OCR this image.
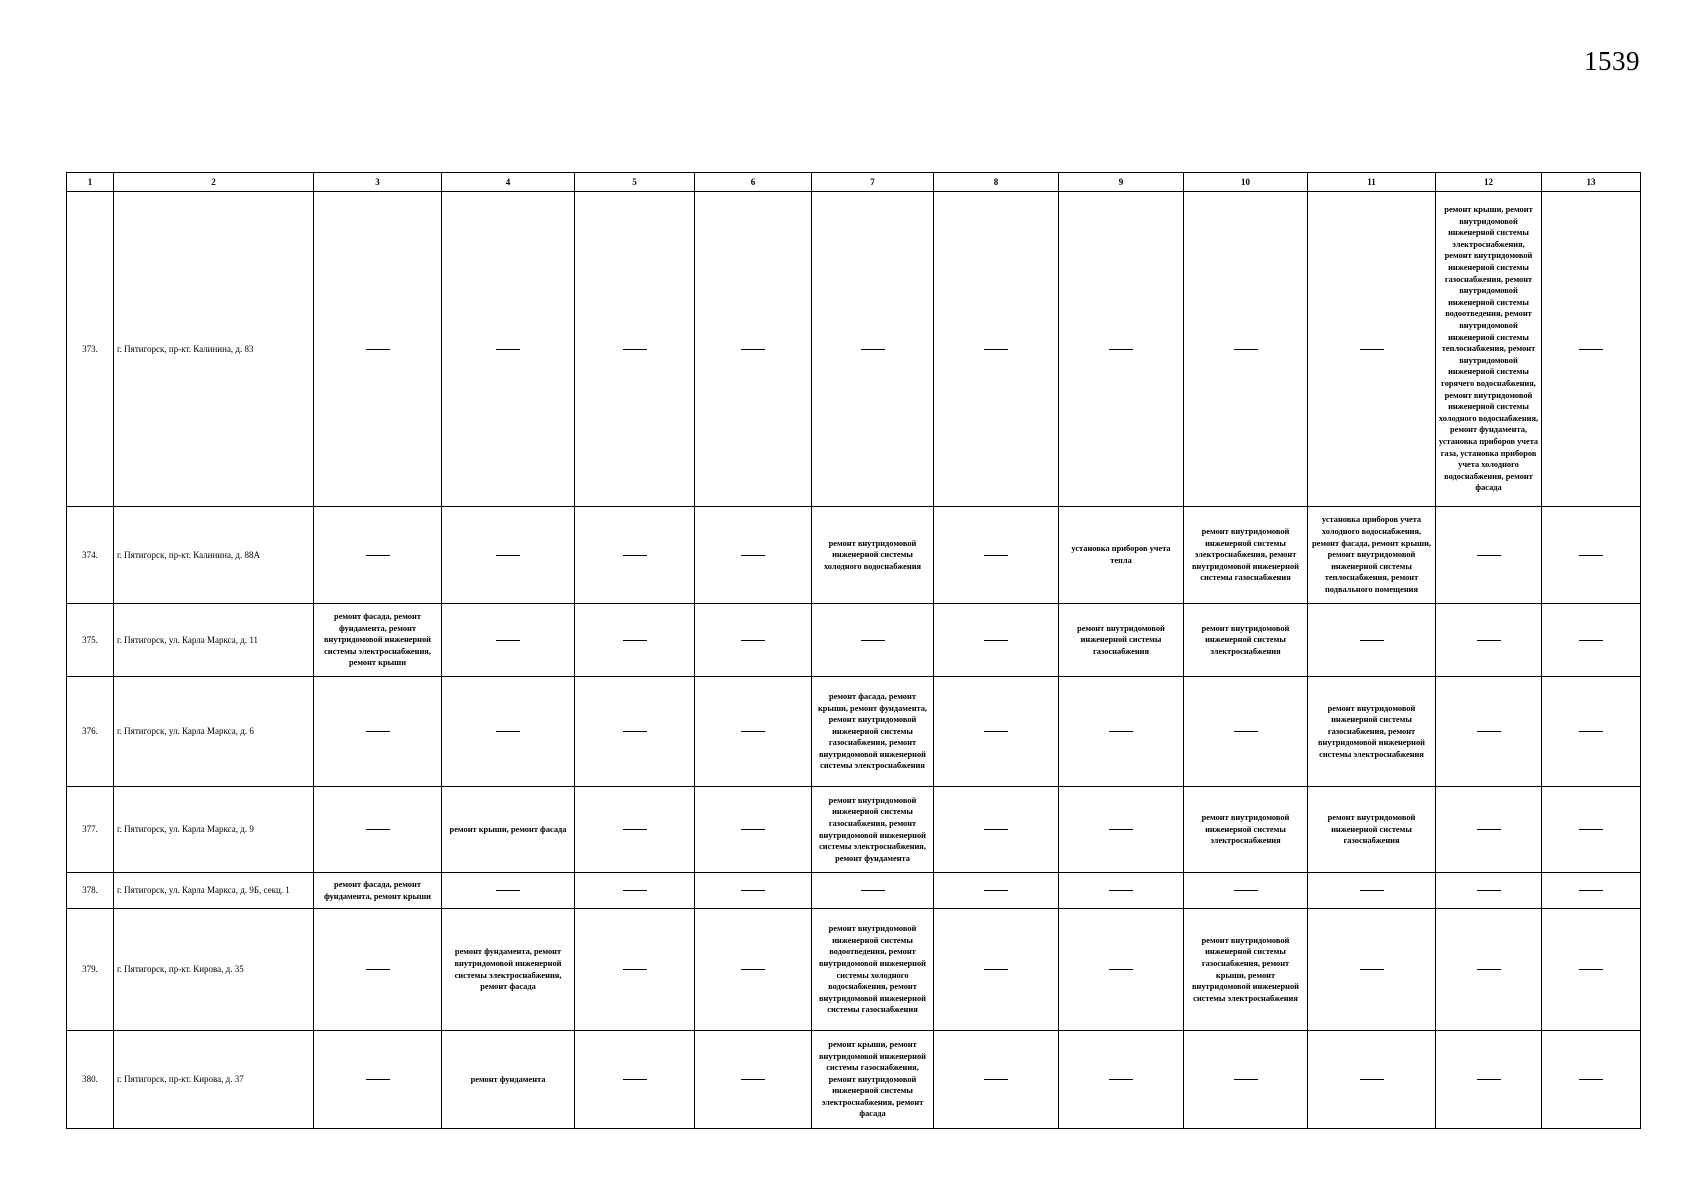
1539
1	2	3	4	5	6	7	8	9	10	11	12	13
373.	г. Пятигорск, пр-кт. Калинина, д. 83										ремонт крыши, ремонт внутридомовой инженерной системы электроснабжения, ремонт внутридомовой инженерной системы газоснабжения, ремонт внутридомовой инженерной системы водоотведения, ремонт внутридомовой инженерной системы теплоснабжения, ремонт внутридомовой инженерной системы горячего водоснабжения, ремонт внутридомовой инженерной системы холодного водоснабжения, ремонт фундамента, установка приборов учета газа, установка приборов учета холодного водоснабжения, ремонт фасада	

374.	г. Пятигорск, пр-кт. Калинина, д. 88А					ремонт внутридомовой инженерной системы холодного водоснабжения		установка приборов учета тепла	ремонт внутридомовой инженерной системы электроснабжения, ремонт внутридомовой инженерной системы газоснабжения	установка приборов учета холодного водоснабжения, ремонт фасада, ремонт крыши, ремонт внутридомовой инженерной системы теплоснабжения, ремонт подвального помещения		

375.	г. Пятигорск, ул. Карла Маркса, д. 11	ремонт фасада, ремонт фундамента, ремонт внутридомовой инженерной системы электроснабжения, ремонт крыши						ремонт внутридомовой инженерной системы газоснабжения	ремонт внутридомовой инженерной системы электроснабжения			

376.	г. Пятигорск, ул. Карла Маркса, д. 6					ремонт фасада, ремонт крыши, ремонт фундамента, ремонт внутридомовой инженерной системы газоснабжения, ремонт внутридомовой инженерной системы электроснабжения				ремонт внутридомовой инженерной системы газоснабжения, ремонт внутридомовой инженерной системы электроснабжения		

377.	г. Пятигорск, ул. Карла Маркса, д. 9		ремонт крыши, ремонт фасада			ремонт внутридомовой инженерной системы газоснабжения, ремонт внутридомовой инженерной системы электроснабжения, ремонт фундамента			ремонт внутридомовой инженерной системы электроснабжения	ремонт внутридомовой инженерной системы газоснабжения		

378.	г. Пятигорск, ул. Карла Маркса, д. 9Б, секц. 1	ремонт фасада, ремонт фундамента, ремонт крыши										

379.	г. Пятигорск, пр-кт. Кирова, д. 35		ремонт фундамента, ремонт внутридомовой инженерной системы электроснабжения, ремонт фасада			ремонт внутридомовой инженерной системы водоотведения, ремонт внутридомовой инженерной системы холодного водоснабжения, ремонт внутридомовой инженерной системы газоснабжения			ремонт внутридомовой инженерной системы газоснабжения, ремонт крыши, ремонт внутридомовой инженерной системы электроснабжения			

380.	г. Пятигорск, пр-кт. Кирова, д. 37		ремонт фундамента			ремонт крыши, ремонт внутридомовой инженерной системы газоснабжения, ремонт внутридомовой инженерной системы электроснабжения, ремонт фасада						
